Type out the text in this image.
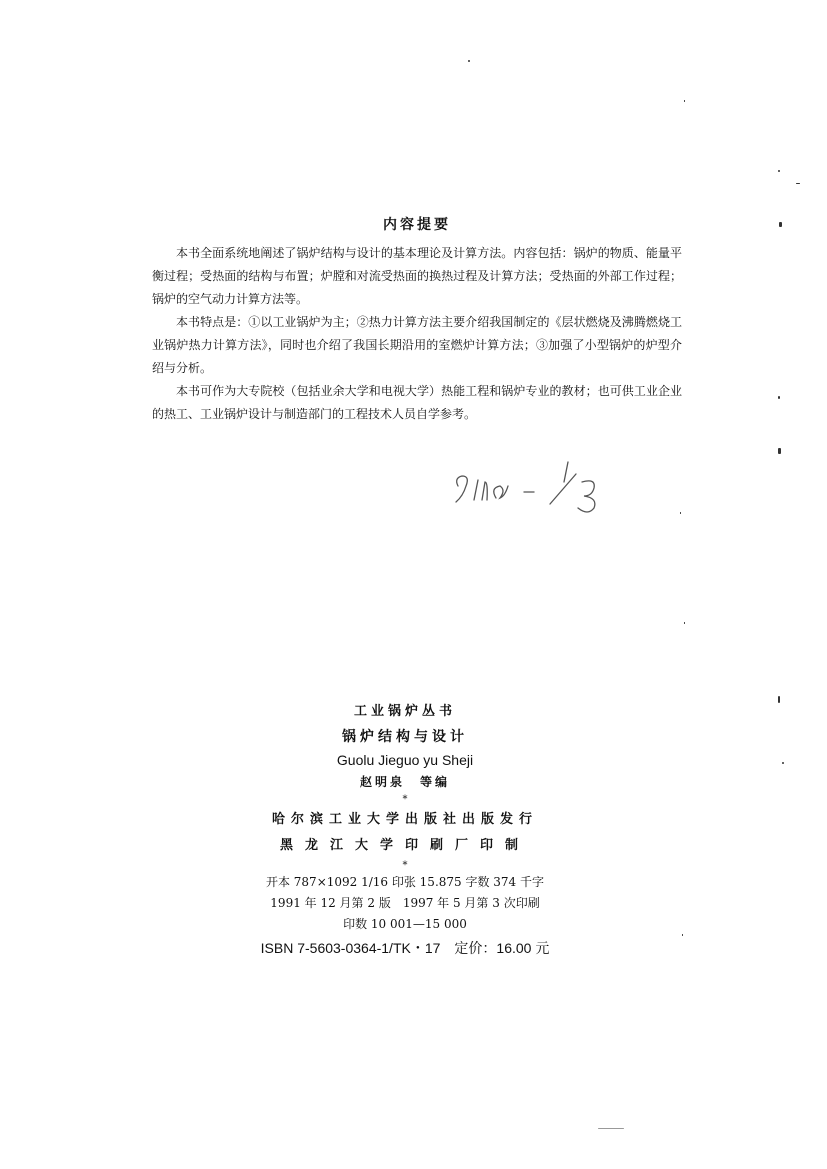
内容提要

本书全面系统地阐述了锅炉结构与设计的基本理论及计算方法。内容包括：锅炉的物质、能量平衡过程；受热面的结构与布置；炉膛和对流受热面的换热过程及计算方法；受热面的外部工作过程；锅炉的空气动力计算方法等。

本书特点是：①以工业锅炉为主；②热力计算方法主要介绍我国制定的《层状燃烧及沸腾燃烧工业锅炉热力计算方法》，同时也介绍了我国长期沿用的室燃炉计算方法；③加强了小型锅炉的炉型介绍与分析。

本书可作为大专院校（包括业余大学和电视大学）热能工程和锅炉专业的教材；也可供工业企业的热工、工业锅炉设计与制造部门的工程技术人员自学参考。

工业锅炉丛书

锅炉结构与设计

Guolu Jieguo yu Sheji

赵明泉　等编

*

哈尔滨工业大学出版社出版发行

黑龙江大学印刷厂印制

*

开本 787×1092 1/16 印张 15.875 字数 374 千字

1991 年 12 月第 2 版　1997 年 5 月第 3 次印刷

印数 10 001—15 000

ISBN 7-5603-0364-1/TK・17　定价：16.00 元
